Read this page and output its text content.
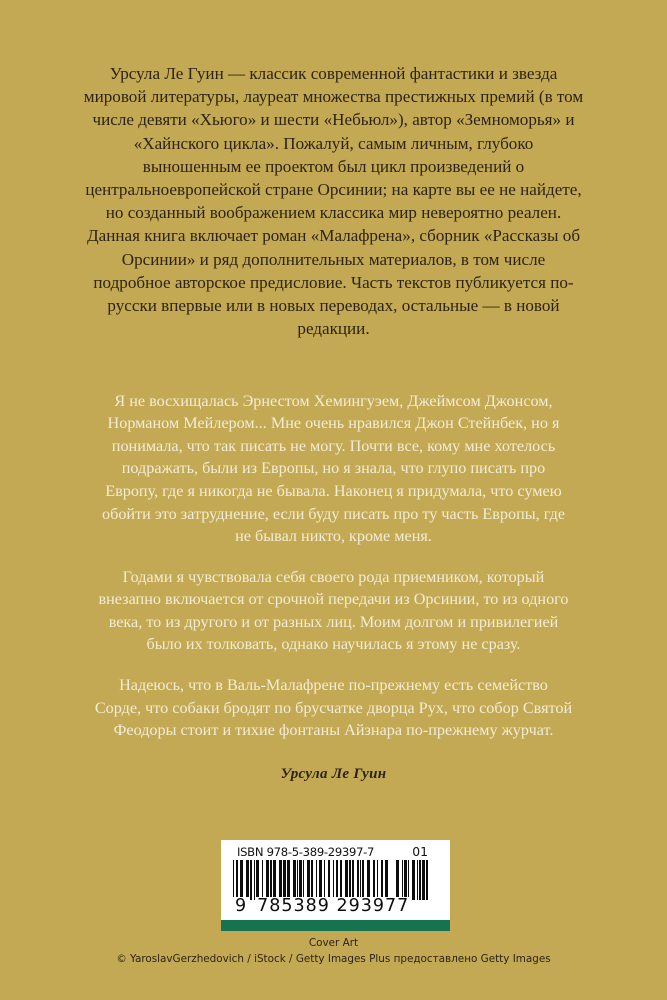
Урсула Ле Гуин — классик современной фантастики и звезда мировой литературы, лауреат множества престижных премий (в том числе девяти «Хьюго» и шести «Небьюл»), автор «Земноморья» и «Хайнского цикла». Пожалуй, самым личным, глубоко выношенным ее проектом был цикл произведений о центральноевропейской стране Орсинии; на карте вы ее не найдете, но созданный воображением классика мир невероятно реален. Данная книга включает роман «Малафрена», сборник «Рассказы об Орсинии» и ряд дополнительных материалов, в том числе подробное авторское предисловие. Часть текстов публикуется по-русски впервые или в новых переводах, остальные — в новой редакции.

Я не восхищалась Эрнестом Хемингуэем, Джеймсом Джонсом, Норманом Мейлером... Мне очень нравился Джон Стейнбек, но я понимала, что так писать не могу. Почти все, кому мне хотелось подражать, были из Европы, но я знала, что глупо писать про Европу, где я никогда не бывала. Наконец я придумала, что сумею обойти это затруднение, если буду писать про ту часть Европы, где не бывал никто, кроме меня.

Годами я чувствовала себя своего рода приемником, который внезапно включается от срочной передачи из Орсинии, то из одного века, то из другого и от разных лиц. Моим долгом и привилегией было их толковать, однако научилась я этому не сразу.

Надеюсь, что в Валь-Малафрене по-прежнему есть семейство Сорде, что собаки бродят по брусчатке дворца Рух, что собор Святой Феодоры стоит и тихие фонтаны Айзнара по-прежнему журчат.

Урсула Ле Гуин
ISBN 978-5-389-29397-7	01
9 785389 293977
Cover Art
© YaroslavGerzhedovich / iStock / Getty Images Plus предоставлено Getty Images
